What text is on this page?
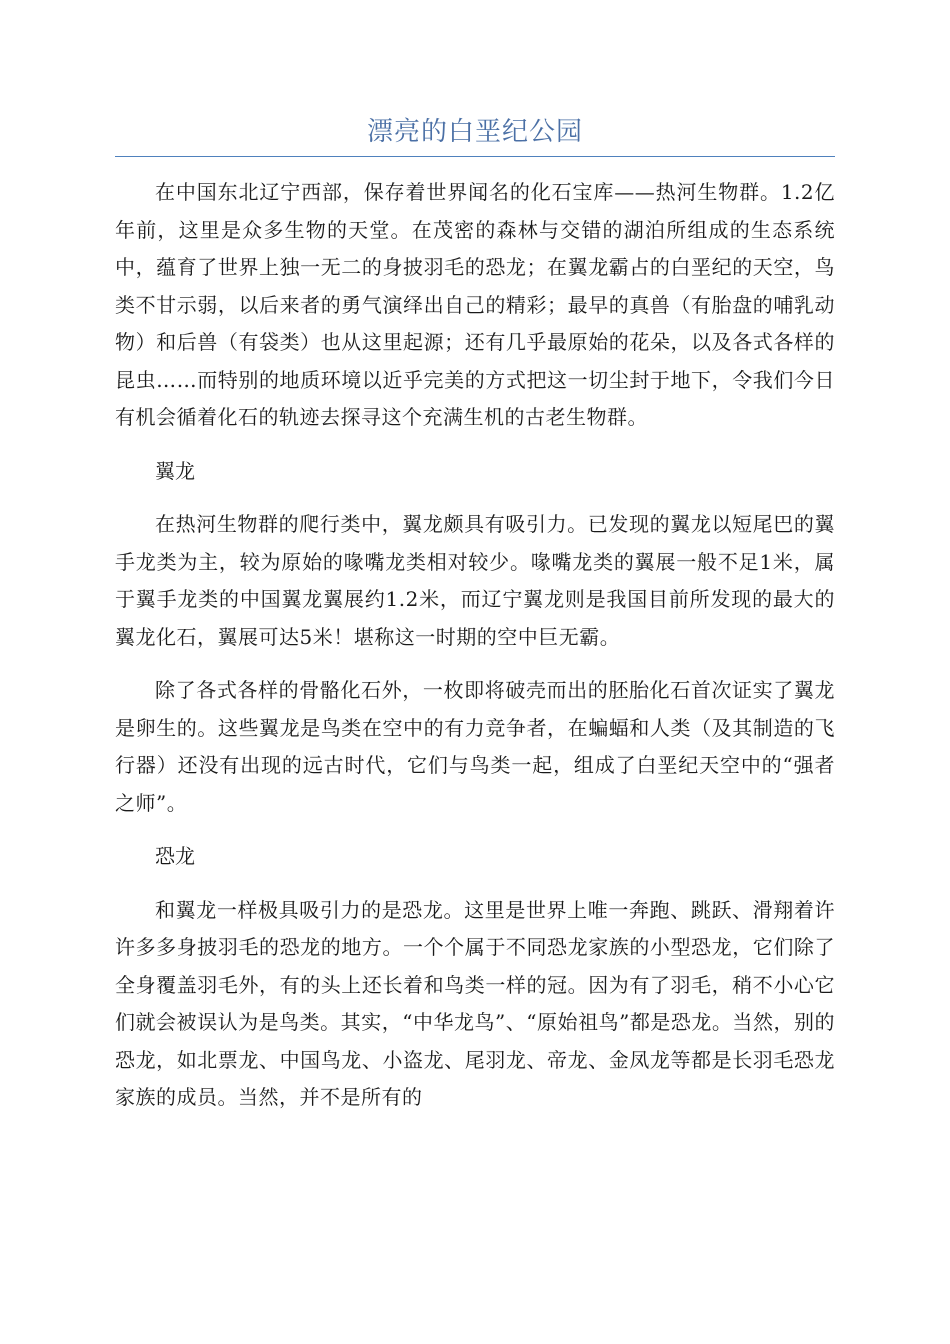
漂亮的白垩纪公园

在中国东北辽宁西部，保存着世界闻名的化石宝库——热河生物群。1.2亿年前，这里是众多生物的天堂。在茂密的森林与交错的湖泊所组成的生态系统中，蕴育了世界上独一无二的身披羽毛的恐龙；在翼龙霸占的白垩纪的天空，鸟类不甘示弱，以后来者的勇气演绎出自己的精彩；最早的真兽（有胎盘的哺乳动物）和后兽（有袋类）也从这里起源；还有几乎最原始的花朵，以及各式各样的昆虫……而特别的地质环境以近乎完美的方式把这一切尘封于地下，令我们今日有机会循着化石的轨迹去探寻这个充满生机的古老生物群。

翼龙

在热河生物群的爬行类中，翼龙颇具有吸引力。已发现的翼龙以短尾巴的翼手龙类为主，较为原始的喙嘴龙类相对较少。喙嘴龙类的翼展一般不足1米，属于翼手龙类的中国翼龙翼展约1.2米，而辽宁翼龙则是我国目前所发现的最大的翼龙化石，翼展可达5米！堪称这一时期的空中巨无霸。

除了各式各样的骨骼化石外，一枚即将破壳而出的胚胎化石首次证实了翼龙是卵生的。这些翼龙是鸟类在空中的有力竞争者，在蝙蝠和人类（及其制造的飞行器）还没有出现的远古时代，它们与鸟类一起，组成了白垩纪天空中的“强者之师”。

恐龙

和翼龙一样极具吸引力的是恐龙。这里是世界上唯一奔跑、跳跃、滑翔着许许多多身披羽毛的恐龙的地方。一个个属于不同恐龙家族的小型恐龙，它们除了全身覆盖羽毛外，有的头上还长着和鸟类一样的冠。因为有了羽毛，稍不小心它们就会被误认为是鸟类。其实，“中华龙鸟”、“原始祖鸟”都是恐龙。当然，别的恐龙，如北票龙、中国鸟龙、小盗龙、尾羽龙、帝龙、金凤龙等都是长羽毛恐龙家族的成员。当然，并不是所有的
